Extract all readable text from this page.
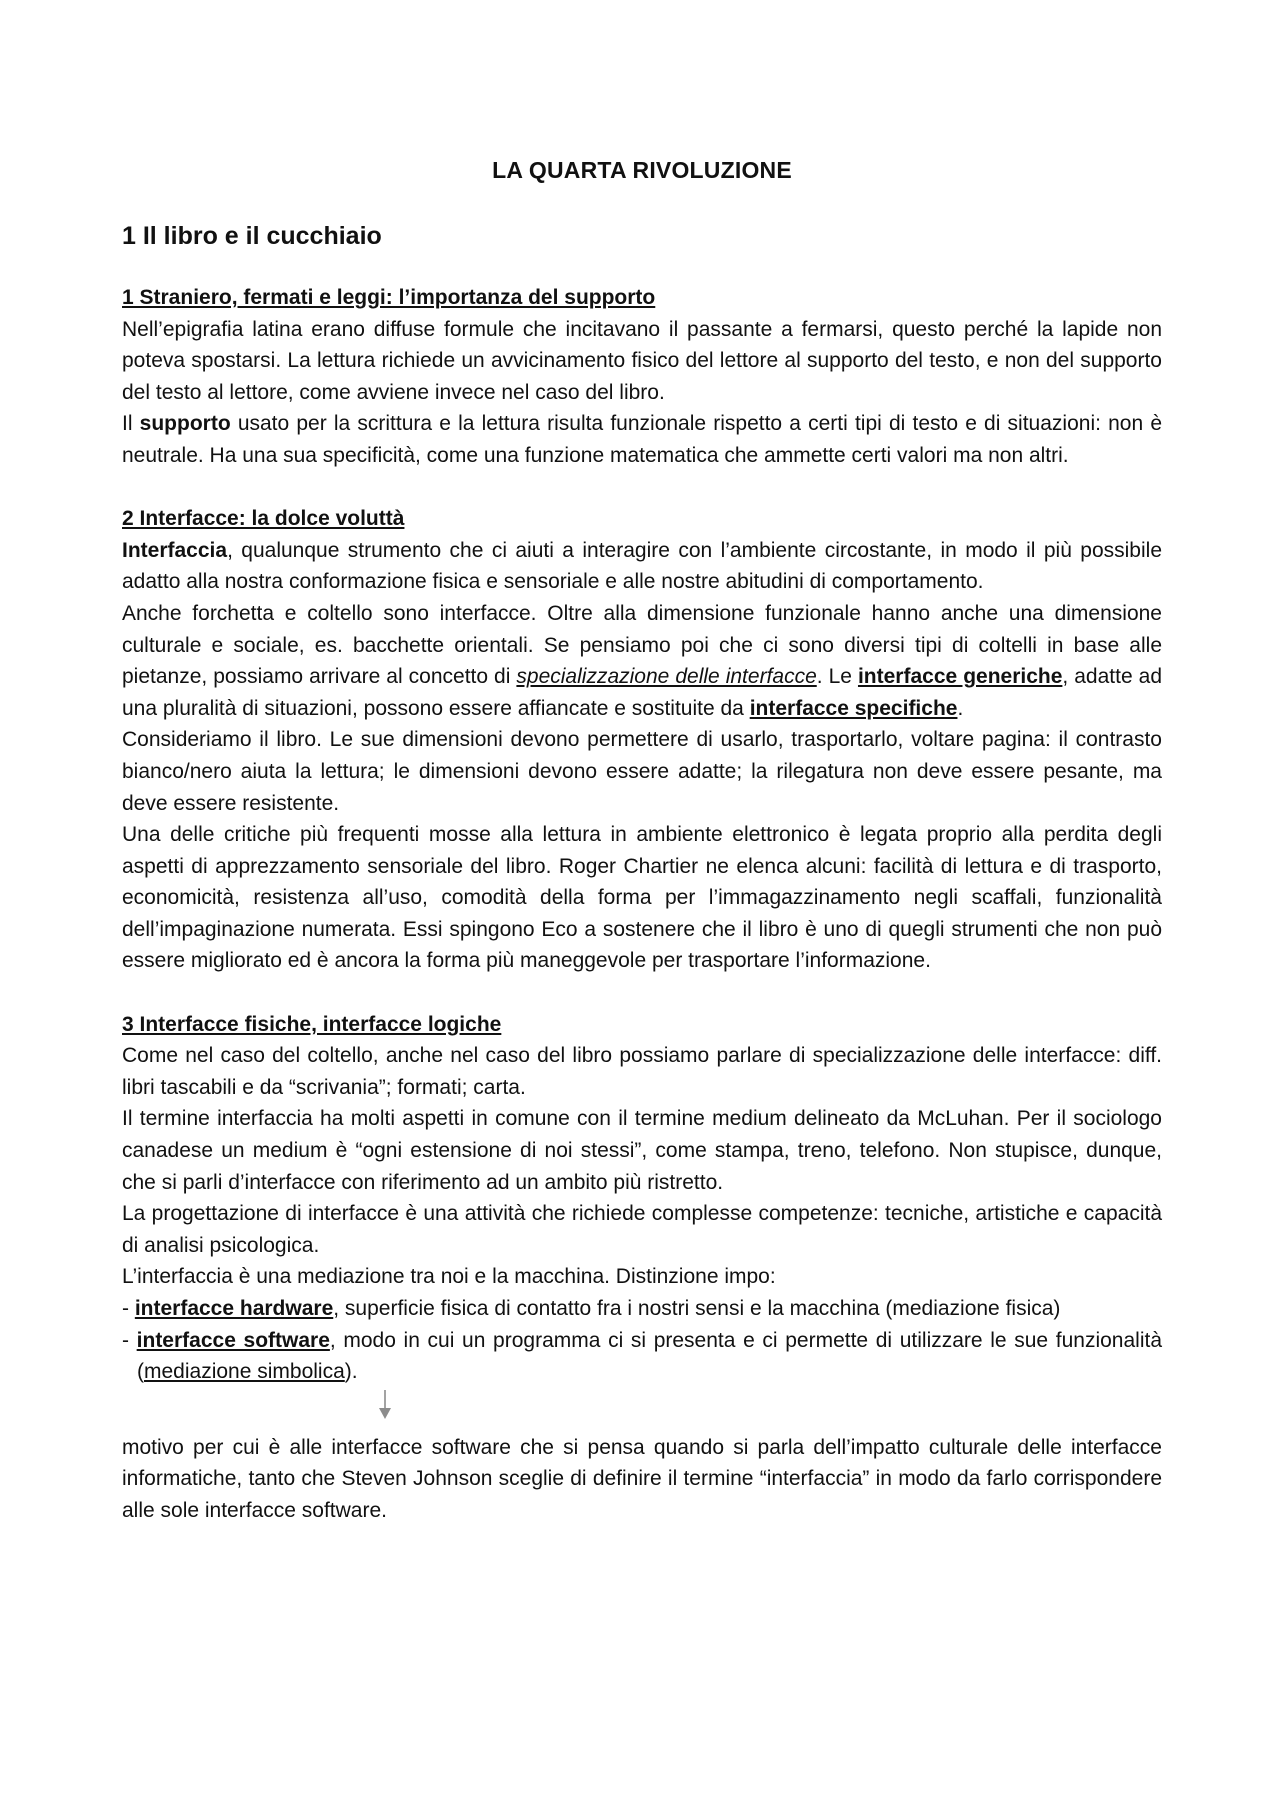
LA QUARTA RIVOLUZIONE
1 Il libro e il cucchiaio
1 Straniero, fermati e leggi: l’importanza del supporto

Nell’epigrafia latina erano diffuse formule che incitavano il passante a fermarsi, questo perché la lapide non poteva spostarsi. La lettura richiede un avvicinamento fisico del lettore al supporto del testo, e non del supporto del testo al lettore, come avviene invece nel caso del libro.

Il supporto usato per la scrittura e la lettura risulta funzionale rispetto a certi tipi di testo e di situazioni: non è neutrale. Ha una sua specificità, come una funzione matematica che ammette certi valori ma non altri.

2 Interfacce: la dolce voluttà

Interfaccia, qualunque strumento che ci aiuti a interagire con l’ambiente circostante, in modo il più possibile adatto alla nostra conformazione fisica e sensoriale e alle nostre abitudini di comportamento.

Anche forchetta e coltello sono interfacce. Oltre alla dimensione funzionale hanno anche una dimensione culturale e sociale, es. bacchette orientali. Se pensiamo poi che ci sono diversi tipi di coltelli in base alle pietanze, possiamo arrivare al concetto di specializzazione delle interfacce. Le interfacce generiche, adatte ad una pluralità di situazioni, possono essere affiancate e sostituite da interfacce specifiche.

Consideriamo il libro. Le sue dimensioni devono permettere di usarlo, trasportarlo, voltare pagina: il contrasto bianco/nero aiuta la lettura; le dimensioni devono essere adatte; la rilegatura non deve essere pesante, ma deve essere resistente.

Una delle critiche più frequenti mosse alla lettura in ambiente elettronico è legata proprio alla perdita degli aspetti di apprezzamento sensoriale del libro. Roger Chartier ne elenca alcuni: facilità di lettura e di trasporto, economicità, resistenza all’uso, comodità della forma per l’immagazzinamento negli scaffali, funzionalità dell’impaginazione numerata. Essi spingono Eco a sostenere che il libro è uno di quegli strumenti che non può essere migliorato ed è ancora la forma più maneggevole per trasportare l’informazione.

3 Interfacce fisiche, interfacce logiche

Come nel caso del coltello, anche nel caso del libro possiamo parlare di specializzazione delle interfacce: diff. libri tascabili e da “scrivania”; formati; carta.

Il termine interfaccia ha molti aspetti in comune con il termine medium delineato da McLuhan. Per il sociologo canadese un medium è “ogni estensione di noi stessi”, come stampa, treno, telefono. Non stupisce, dunque, che si parli d’interfacce con riferimento ad un ambito più ristretto.

La progettazione di interfacce è una attività che richiede complesse competenze: tecniche, artistiche e capacità di analisi psicologica.

L’interfaccia è una mediazione tra noi e la macchina. Distinzione impo:

- interfacce hardware, superficie fisica di contatto fra i nostri sensi e la macchina (mediazione fisica)

- interfacce software, modo in cui un programma ci si presenta e ci permette di utilizzare le sue funzionalità (mediazione simbolica).

motivo per cui è alle interfacce software che si pensa quando si parla dell’impatto culturale delle interfacce informatiche, tanto che Steven Johnson sceglie di definire il termine “interfaccia” in modo da farlo corrispondere alle sole interfacce software.
